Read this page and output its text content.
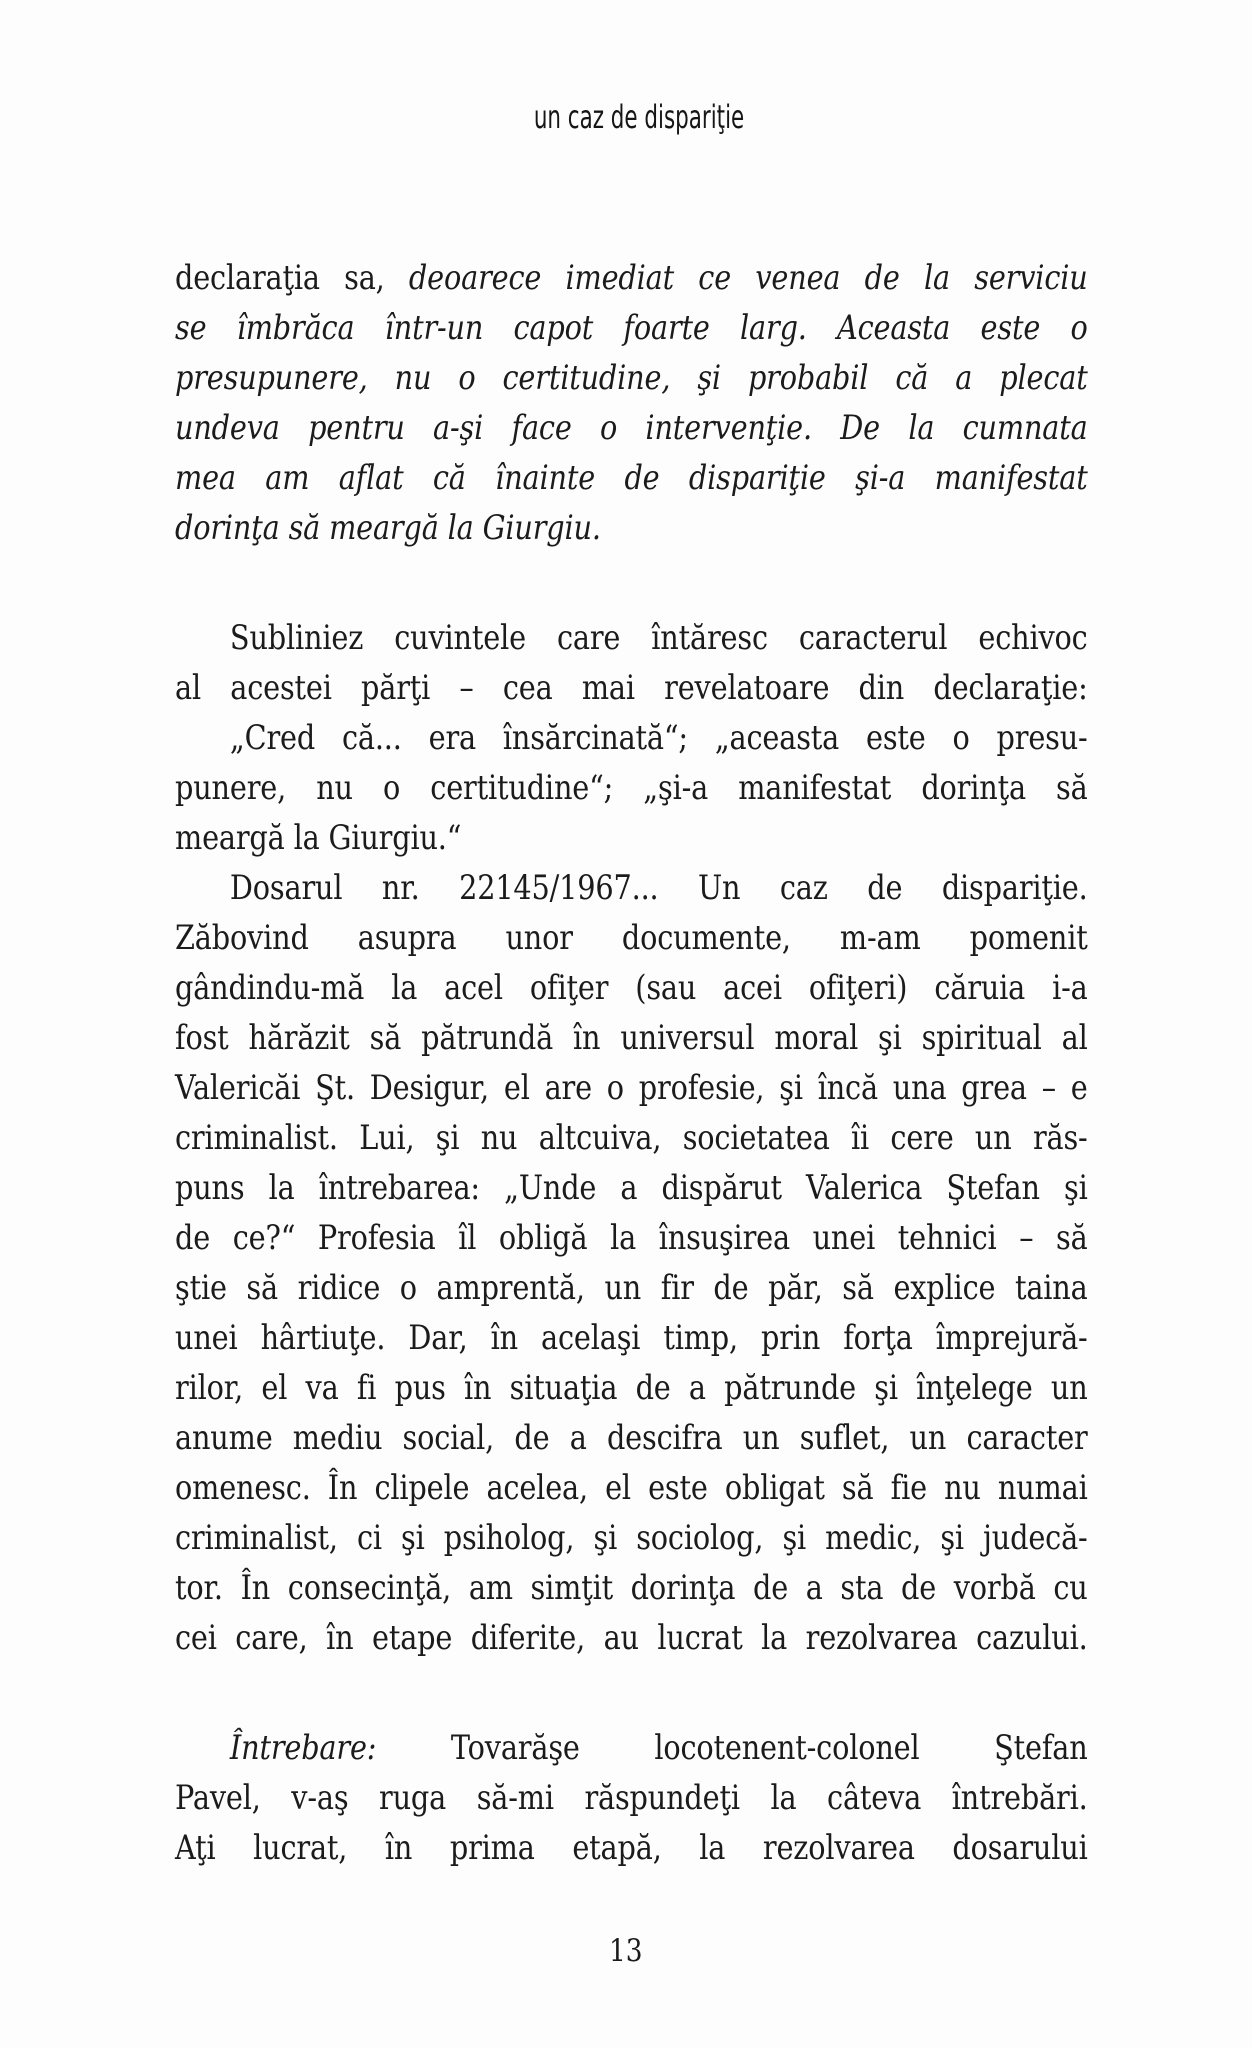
un caz de dispariţie
declaraţia sa, deoarece imediat ce venea de la serviciu
se îmbrăca într-un capot foarte larg. Aceasta este o
presupunere, nu o certitudine, şi probabil că a plecat
undeva pentru a-şi face o intervenţie. De la cumnata
mea am aflat că înainte de dispariţie şi-a manifestat
dorinţa să meargă la Giurgiu.
Subliniez cuvintele care întăresc caracterul echivoc
al acestei părţi – cea mai revelatoare din declaraţie:
„Cred că... era însărcinată“; „aceasta este o presu-
punere, nu o certitudine“; „şi-a manifestat dorinţa să
meargă la Giurgiu.“
Dosarul nr. 22145/1967... Un caz de dispariţie.
Zăbovind asupra unor documente, m-am pomenit
gândindu-mă la acel ofiţer (sau acei ofiţeri) căruia i-a
fost hărăzit să pătrundă în universul moral şi spiritual al
Valericăi Şt. Desigur, el are o profesie, şi încă una grea – e
criminalist. Lui, şi nu altcuiva, societatea îi cere un răs-
puns la întrebarea: „Unde a dispărut Valerica Ştefan şi
de ce?“ Profesia îl obligă la însuşirea unei tehnici – să
ştie să ridice o amprentă, un fir de păr, să explice taina
unei hârtiuţe. Dar, în acelaşi timp, prin forţa împrejură-
rilor, el va fi pus în situaţia de a pătrunde şi înţelege un
anume mediu social, de a descifra un suflet, un caracter
omenesc. În clipele acelea, el este obligat să fie nu numai
criminalist, ci şi psiholog, şi sociolog, şi medic, şi judecă-
tor. În consecinţă, am simţit dorinţa de a sta de vorbă cu
cei care, în etape diferite, au lucrat la rezolvarea cazului.
Întrebare: Tovarăşe locotenent-colonel Ştefan
Pavel, v-aş ruga să-mi răspundeţi la câteva întrebări.
Aţi lucrat, în prima etapă, la rezolvarea dosarului
13
